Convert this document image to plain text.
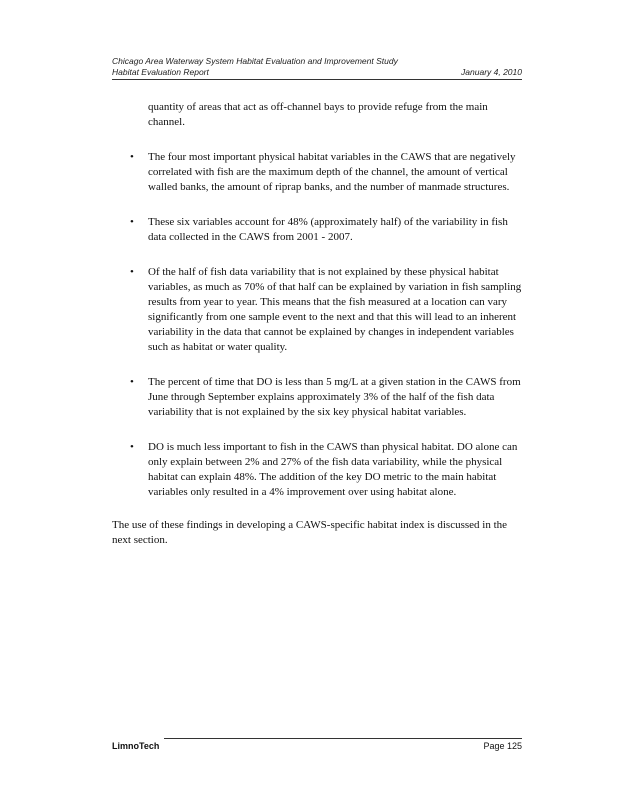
Chicago Area Waterway System Habitat Evaluation and Improvement Study
Habitat Evaluation Report	January 4, 2010

quantity of areas that act as off-channel bays to provide refuge from the main channel.

• The four most important physical habitat variables in the CAWS that are negatively correlated with fish are the maximum depth of the channel, the amount of vertical walled banks, the amount of riprap banks, and the number of manmade structures.
• These six variables account for 48% (approximately half) of the variability in fish data collected in the CAWS from 2001 - 2007.
• Of the half of fish data variability that is not explained by these physical habitat variables, as much as 70% of that half can be explained by variation in fish sampling results from year to year. This means that the fish measured at a location can vary significantly from one sample event to the next and that this will lead to an inherent variability in the data that cannot be explained by changes in independent variables such as habitat or water quality.
• The percent of time that DO is less than 5 mg/L at a given station in the CAWS from June through September explains approximately 3% of the half of the fish data variability that is not explained by the six key physical habitat variables.
• DO is much less important to fish in the CAWS than physical habitat. DO alone can only explain between 2% and 27% of the fish data variability, while the physical habitat can explain 48%. The addition of the key DO metric to the main habitat variables only resulted in a 4% improvement over using habitat alone.

The use of these findings in developing a CAWS-specific habitat index is discussed in the next section.

LimnoTech	Page 125
